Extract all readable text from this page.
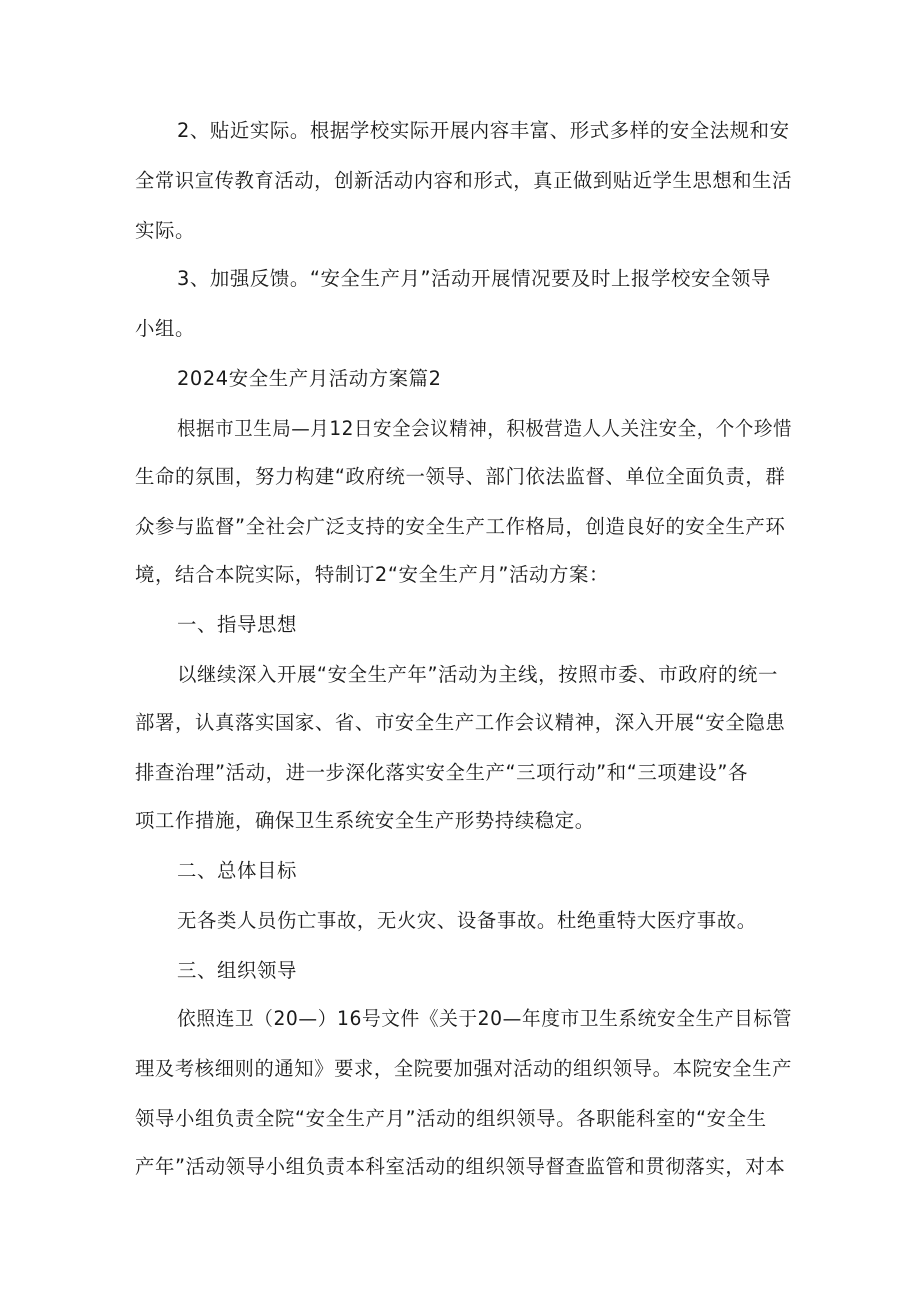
2、贴近实际。根据学校实际开展内容丰富、形式多样的安全法规和安
全常识宣传教育活动，创新活动内容和形式，真正做到贴近学生思想和生活
实际。
3、加强反馈。“安全生产月”活动开展情况要及时上报学校安全领导
小组。
2024安全生产月活动方案篇2
根据市卫生局—月12日安全会议精神，积极营造人人关注安全，个个珍惜
生命的氛围，努力构建“政府统一领导、部门依法监督、单位全面负责，群
众参与监督”全社会广泛支持的安全生产工作格局，创造良好的安全生产环
境，结合本院实际，特制订2“安全生产月”活动方案：
一、指导思想
以继续深入开展“安全生产年”活动为主线，按照市委、市政府的统一
部署，认真落实国家、省、市安全生产工作会议精神，深入开展“安全隐患
排查治理”活动，进一步深化落实安全生产“三项行动”和“三项建设”各
项工作措施，确保卫生系统安全生产形势持续稳定。
二、总体目标
无各类人员伤亡事故，无火灾、设备事故。杜绝重特大医疗事故。
三、组织领导
依照连卫（20—）16号文件《关于20—年度市卫生系统安全生产目标管
理及考核细则的通知》要求，全院要加强对活动的组织领导。本院安全生产
领导小组负责全院“安全生产月”活动的组织领导。各职能科室的“安全生
产年”活动领导小组负责本科室活动的组织领导督查监管和贯彻落实，对本
